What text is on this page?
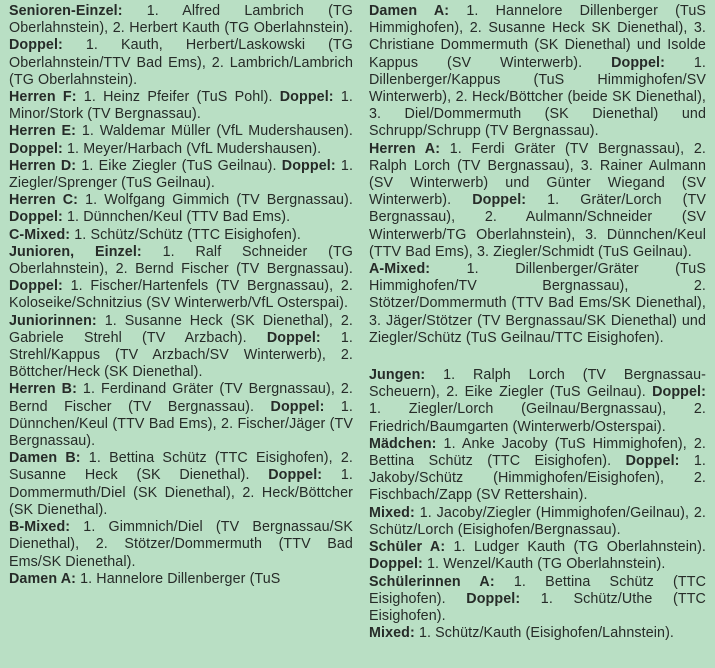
Senioren-Einzel: 1. Alfred Lambrich (TG Oberlahnstein), 2. Herbert Kauth (TG Oberlahnstein). Doppel: 1. Kauth, Herbert/Laskowski (TG Oberlahnstein/TTV Bad Ems), 2. Lambrich/Lambrich (TG Oberlahnstein).

Herren F: 1. Heinz Pfeifer (TuS Pohl). Doppel: 1. Minor/Stork (TV Bergnassau).

Herren E: 1. Waldemar Müller (VfL Mudershausen). Doppel: 1. Meyer/Harbach (VfL Mudershausen).

Herren D: 1. Eike Ziegler (TuS Geilnau). Doppel: 1. Ziegler/Sprenger (TuS Geilnau).

Herren C: 1. Wolfgang Gimmich (TV Bergnassau). Doppel: 1. Dünnchen/Keul (TTV Bad Ems).

C-Mixed: 1. Schütz/Schütz (TTC Eisighofen).

Junioren, Einzel: 1. Ralf Schneider (TG Oberlahnstein), 2. Bernd Fischer (TV Bergnassau). Doppel: 1. Fischer/Hartenfels (TV Bergnassau), 2. Koloseike/Schnitzius (SV Winterwerb/VfL Osterspai).

Juniorinnen: 1. Susanne Heck (SK Dienethal), 2. Gabriele Strehl (TV Arzbach). Doppel: 1. Strehl/Kappus (TV Arzbach/SV Winterwerb), 2. Böttcher/Heck (SK Dienethal).

Herren B: 1. Ferdinand Gräter (TV Bergnassau), 2. Bernd Fischer (TV Bergnassau). Doppel: 1. Dünnchen/Keul (TTV Bad Ems), 2. Fischer/Jäger (TV Bergnassau).

Damen B: 1. Bettina Schütz (TTC Eisighofen), 2. Susanne Heck (SK Dienethal). Doppel: 1. Dommermuth/Diel (SK Dienethal), 2. Heck/Böttcher (SK Dienethal).

B-Mixed: 1. Gimmnich/Diel (TV Bergnassau/SK Dienethal), 2. Stötzer/Dommermuth (TTV Bad Ems/SK Dienethal).

Damen A: 1. Hannelore Dillenberger (TuS

Damen A: 1. Hannelore Dillenberger (TuS Himmighofen), 2. Susanne Heck SK Dienethal), 3. Christiane Dommermuth (SK Dienethal) und Isolde Kappus (SV Winterwerb). Doppel: 1. Dillenberger/Kappus (TuS Himmighofen/SV Winterwerb), 2. Heck/Böttcher (beide SK Dienethal), 3. Diel/Dommermuth (SK Dienethal) und Schrupp/Schrupp (TV Bergnassau).

Herren A: 1. Ferdi Gräter (TV Bergnassau), 2. Ralph Lorch (TV Bergnassau), 3. Rainer Aulmann (SV Winterwerb) und Günter Wiegand (SV Winterwerb). Doppel: 1. Gräter/Lorch (TV Bergnassau), 2. Aulmann/Schneider (SV Winterwerb/TG Oberlahnstein), 3. Dünnchen/Keul (TTV Bad Ems), 3. Ziegler/Schmidt (TuS Geilnau).

A-Mixed: 1. Dillenberger/Gräter (TuS Himmighofen/TV Bergnassau), 2. Stötzer/Dommermuth (TTV Bad Ems/SK Dienethal), 3. Jäger/Stötzer (TV Bergnassau/SK Dienethal) und Ziegler/Schütz (TuS Geilnau/TTC Eisighofen).

Jungen: 1. Ralph Lorch (TV Bergnassau-Scheuern), 2. Eike Ziegler (TuS Geilnau). Doppel: 1. Ziegler/Lorch (Geilnau/Bergnassau), 2. Friedrich/Baumgarten (Winterwerb/Osterspai).

Mädchen: 1. Anke Jacoby (TuS Himmighofen), 2. Bettina Schütz (TTC Eisighofen). Doppel: 1. Jakoby/Schütz (Himmighofen/Eisighofen), 2. Fischbach/Zapp (SV Rettershain).

Mixed: 1. Jacoby/Ziegler (Himmighofen/Geilnau), 2. Schütz/Lorch (Eisighofen/Bergnassau).

Schüler A: 1. Ludger Kauth (TG Oberlahnstein). Doppel: 1. Wenzel/Kauth (TG Oberlahnstein).

Schülerinnen A: 1. Bettina Schütz (TTC Eisighofen). Doppel: 1. Schütz/Uthe (TTC Eisighofen).

Mixed: 1. Schütz/Kauth (Eisighofen/Lahnstein).
